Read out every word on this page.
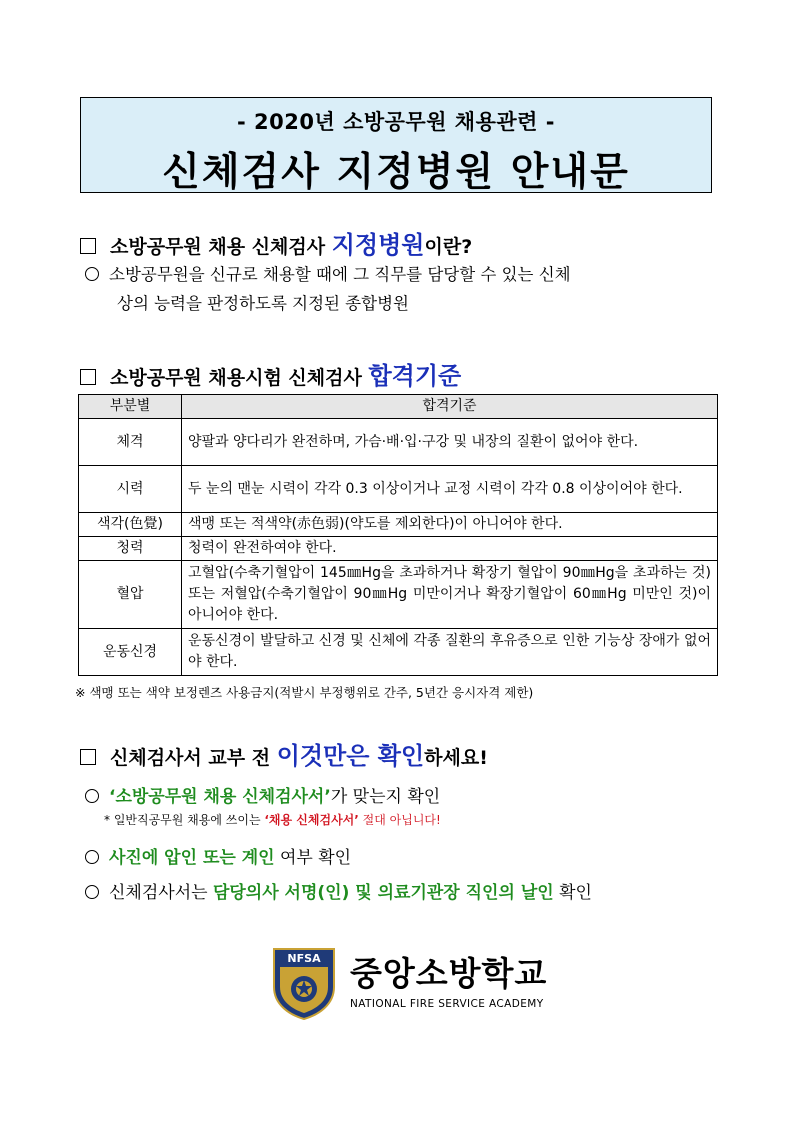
- 2020년 소방공무원 채용관련 -
신체검사 지정병원 안내문
소방공무원 채용 신체검사 지정병원이란?
소방공무원을 신규로 채용할 때에 그 직무를 담당할 수 있는 신체
상의 능력을 판정하도록 지정된 종합병원
소방공무원 채용시험 신체검사 합격기준
부분별	합격기준
체격	양팔과 양다리가 완전하며, 가슴·배·입·구강 및 내장의 질환이 없어야 한다.
시력	두 눈의 맨눈 시력이 각각 0.3 이상이거나 교정 시력이 각각 0.8 이상이어야 한다.
색각(色覺)	색맹 또는 적색약(赤色弱)(약도를 제외한다)이 아니어야 한다.
청력	청력이 완전하여야 한다.
혈압	고혈압(수축기혈압이 145㎜Hg을 초과하거나 확장기 혈압이 90㎜Hg을 초과하는 것) 또는 저혈압(수축기혈압이 90㎜Hg 미만이거나 확장기혈압이 60㎜Hg 미만인 것)이 아니어야 한다.
운동신경	운동신경이 발달하고 신경 및 신체에 각종 질환의 후유증으로 인한 기능상 장애가 없어야 한다.
※ 색맹 또는 색약 보정렌즈 사용금지(적발시 부정행위로 간주, 5년간 응시자격 제한)
신체검사서 교부 전 이것만은 확인하세요!
‘소방공무원 채용 신체검사서’가 맞는지 확인
* 일반직공무원 채용에 쓰이는 ‘채용 신체검사서’ 절대 아닙니다!
사진에 압인 또는 계인 여부 확인
신체검사서는 담당의사 서명(인) 및 의료기관장 직인의 날인 확인
NFSA 중앙소방학교
NATIONAL FIRE SERVICE ACADEMY
